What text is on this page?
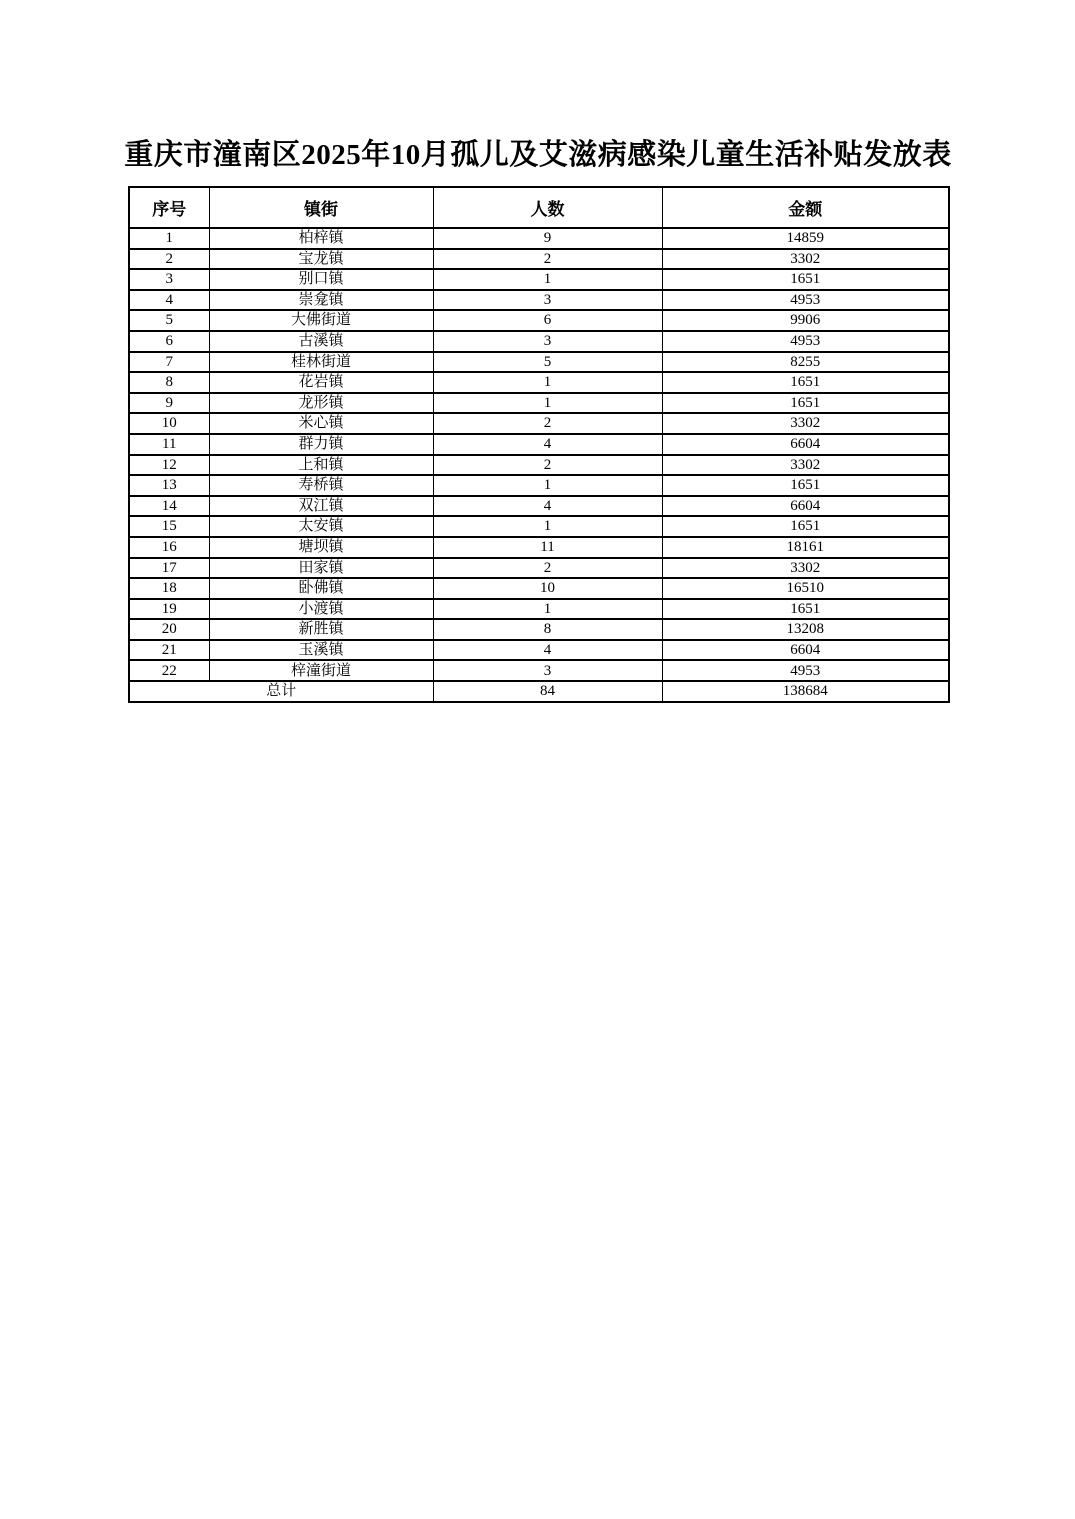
重庆市潼南区2025年10月孤儿及艾滋病感染儿童生活补贴发放表
序号	镇街	人数	金额
1	柏梓镇	9	14859
2	宝龙镇	2	3302
3	别口镇	1	1651
4	崇龛镇	3	4953
5	大佛街道	6	9906
6	古溪镇	3	4953
7	桂林街道	5	8255
8	花岩镇	1	1651
9	龙形镇	1	1651
10	米心镇	2	3302
11	群力镇	4	6604
12	上和镇	2	3302
13	寿桥镇	1	1651
14	双江镇	4	6604
15	太安镇	1	1651
16	塘坝镇	11	18161
17	田家镇	2	3302
18	卧佛镇	10	16510
19	小渡镇	1	1651
20	新胜镇	8	13208
21	玉溪镇	4	6604
22	梓潼街道	3	4953
总计		84	138684
